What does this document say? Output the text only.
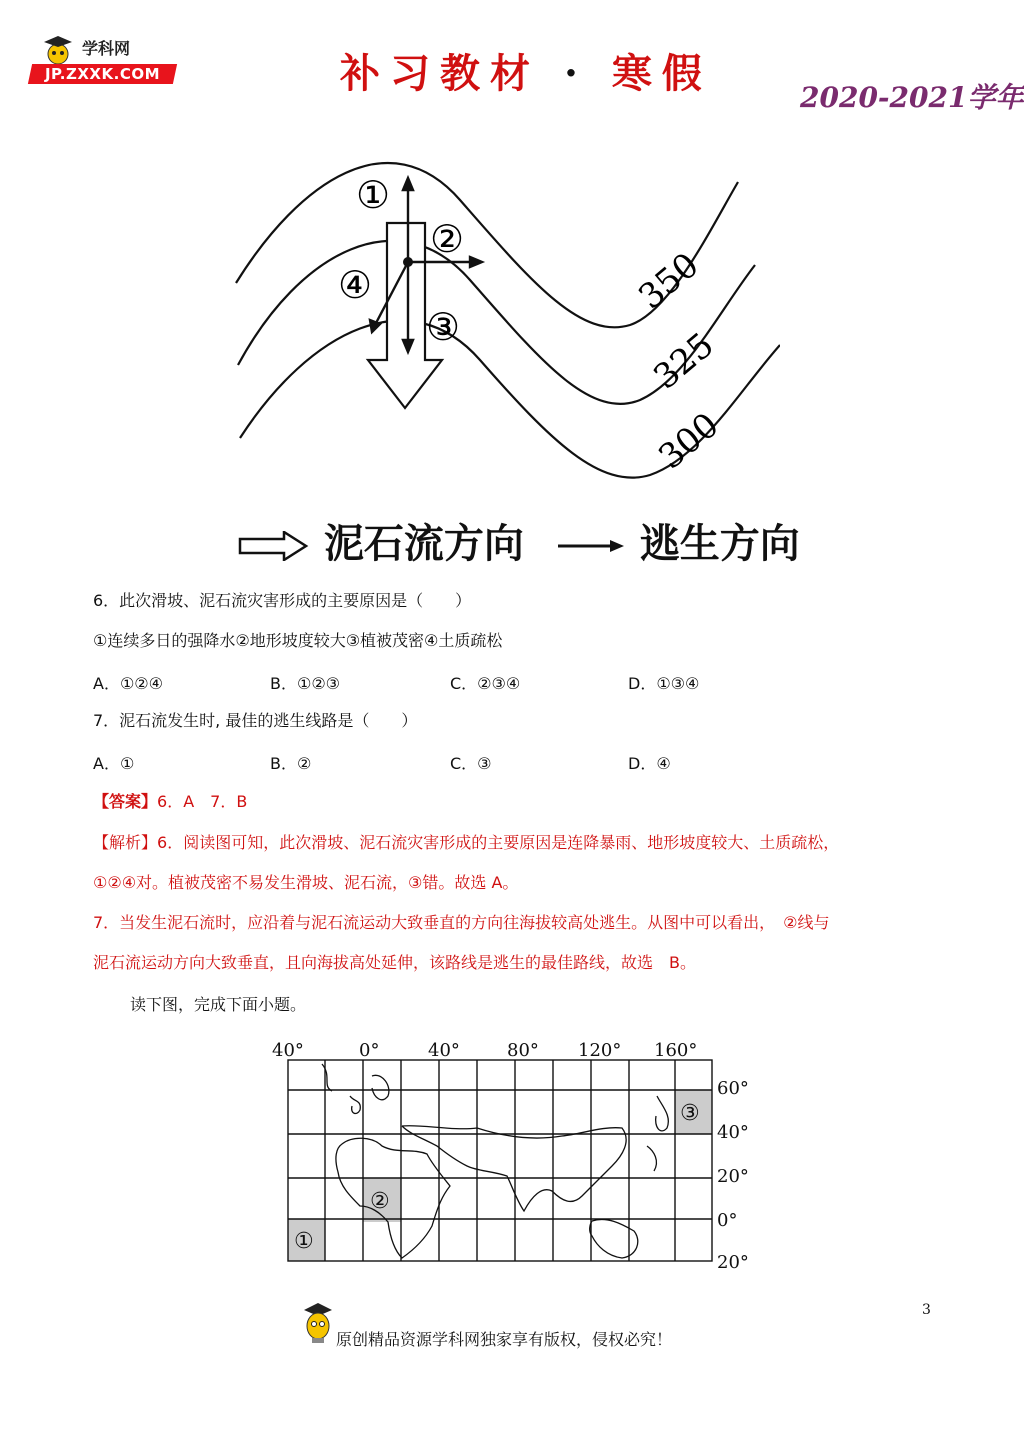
学科网
JP.ZXXK.COM	补习教材 · 寒假
2020-2021学年
350
325
300
①
②
③
④
泥石流方向	逃生方向
6．此次滑坡、泥石流灾害形成的主要原因是（　　）
①连续多日的强降水②地形坡度较大③植被茂密④土质疏松
A．①②④	B．①②③	C．②③④	D．①③④
7．泥石流发生时, 最佳的逃生线路是（　　）
A．①	B．②	C．③	D．④
【答案】6．A　7．B
【解析】6．阅读图可知，此次滑坡、泥石流灾害形成的主要原因是连降暴雨、地形坡度较大、土质疏松，
①②④对。植被茂密不易发生滑坡、泥石流，③错。故选 A。
7．当发生泥石流时，应沿着与泥石流运动大致垂直的方向往海拔较高处逃生。从图中可以看出，　②线与
泥石流运动方向大致垂直，且向海拔高处延伸，该路线是逃生的最佳路线，故选　B。
读下图，完成下面小题。
40°	0°	40°	80° 120° 160°
60°
40°
20°
0°
20°
③
②
①
3
原创精品资源学科网独家享有版权，侵权必究！
